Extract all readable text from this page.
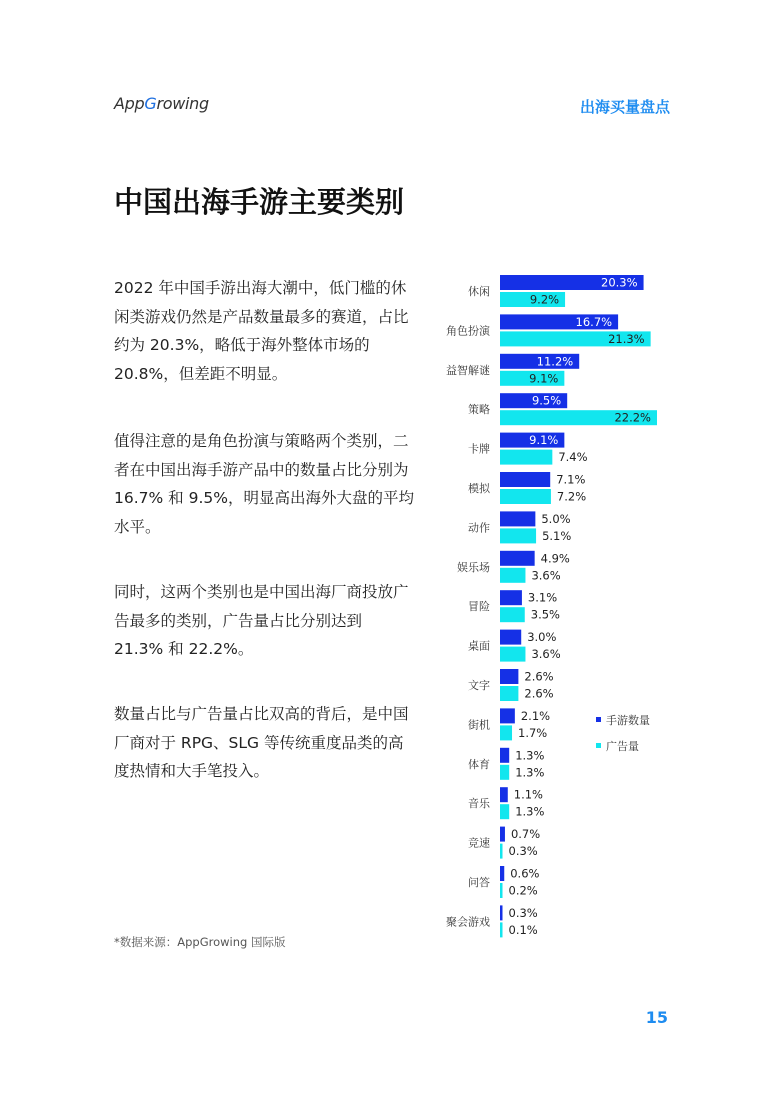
AppGrowing	出海买量盘点
中国出海手游主要类别
2022 年中国手游出海大潮中，低门槛的休闲类游戏仍然是产品数量最多的赛道，占比约为 20.3%，略低于海外整体市场的 20.8%，但差距不明显。
值得注意的是角色扮演与策略两个类别，二者在中国出海手游产品中的数量占比分别为 16.7% 和 9.5%，明显高出海外大盘的平均水平。
同时，这两个类别也是中国出海厂商投放广告最多的类别，广告量占比分别达到 21.3% 和 22.2%。
数量占比与广告量占比双高的背后，是中国厂商对于 RPG、SLG 等传统重度品类的高度热情和大手笔投入。
休闲
20.3%
9.2%
角色扮演
16.7%
21.3%
益智解谜
11.2%
9.1%
策略
9.5%
22.2%
卡牌
9.1%
7.4%
模拟
7.1%
7.2%
动作
5.0%
5.1%
娱乐场
4.9%
3.6%
冒险
3.1%
3.5%
桌面
3.0%
3.6%
文字
2.6%
2.6%
街机
2.1%
1.7%
体育
1.3%
1.3%
音乐
1.1%
1.3%
竞速
0.7%
0.3%
问答
0.6%
0.2%
聚会游戏
0.3%
0.1%
手游数量
广告量
*数据来源：AppGrowing 国际版
15
